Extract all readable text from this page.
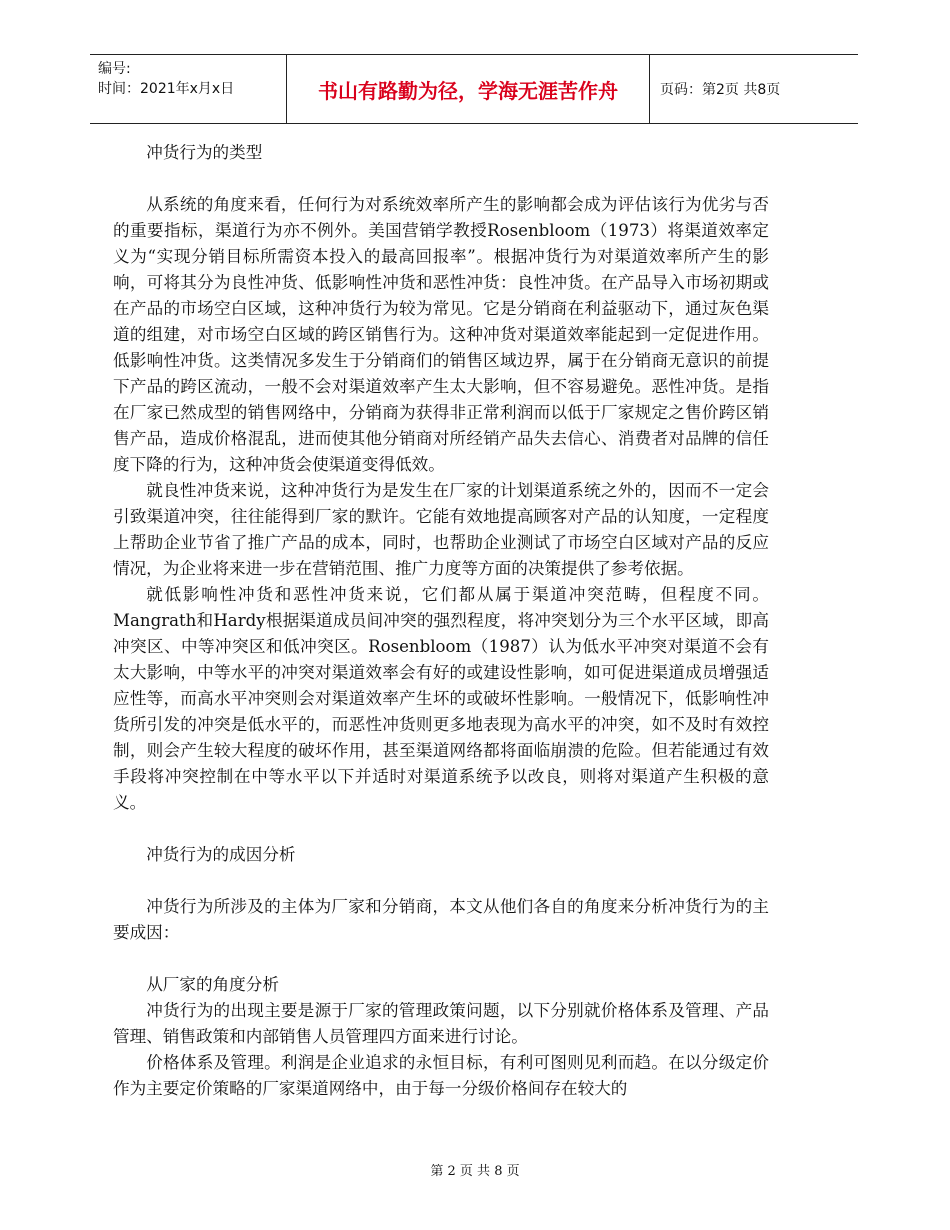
编号:
时间：2021年x月x日	书山有路勤为径，学海无涯苦作舟	页码：第2页 共8页

冲货行为的类型

从系统的角度来看，任何行为对系统效率所产生的影响都会成为评估该行为优劣与否的重要指标，渠道行为亦不例外。美国营销学教授Rosenbloom（1973）将渠道效率定义为“实现分销目标所需资本投入的最高回报率”。根据冲货行为对渠道效率所产生的影响，可将其分为良性冲货、低影响性冲货和恶性冲货：良性冲货。在产品导入市场初期或在产品的市场空白区域，这种冲货行为较为常见。它是分销商在利益驱动下，通过灰色渠道的组建，对市场空白区域的跨区销售行为。这种冲货对渠道效率能起到一定促进作用。低影响性冲货。这类情况多发生于分销商们的销售区域边界，属于在分销商无意识的前提下产品的跨区流动，一般不会对渠道效率产生太大影响，但不容易避免。恶性冲货。是指在厂家已然成型的销售网络中，分销商为获得非正常利润而以低于厂家规定之售价跨区销售产品，造成价格混乱，进而使其他分销商对所经销产品失去信心、消费者对品牌的信任度下降的行为，这种冲货会使渠道变得低效。

就良性冲货来说，这种冲货行为是发生在厂家的计划渠道系统之外的，因而不一定会引致渠道冲突，往往能得到厂家的默许。它能有效地提高顾客对产品的认知度，一定程度上帮助企业节省了推广产品的成本，同时，也帮助企业测试了市场空白区域对产品的反应情况，为企业将来进一步在营销范围、推广力度等方面的决策提供了参考依据。

就低影响性冲货和恶性冲货来说，它们都从属于渠道冲突范畴，但程度不同。Mangrath和Hardy根据渠道成员间冲突的强烈程度，将冲突划分为三个水平区域，即高冲突区、中等冲突区和低冲突区。Rosenbloom（1987）认为低水平冲突对渠道不会有太大影响，中等水平的冲突对渠道效率会有好的或建设性影响，如可促进渠道成员增强适应性等，而高水平冲突则会对渠道效率产生坏的或破坏性影响。一般情况下，低影响性冲货所引发的冲突是低水平的，而恶性冲货则更多地表现为高水平的冲突，如不及时有效控制，则会产生较大程度的破坏作用，甚至渠道网络都将面临崩溃的危险。但若能通过有效手段将冲突控制在中等水平以下并适时对渠道系统予以改良，则将对渠道产生积极的意义。

冲货行为的成因分析

冲货行为所涉及的主体为厂家和分销商，本文从他们各自的角度来分析冲货行为的主要成因：

从厂家的角度分析

冲货行为的出现主要是源于厂家的管理政策问题，以下分别就价格体系及管理、产品管理、销售政策和内部销售人员管理四方面来进行讨论。

价格体系及管理。利润是企业追求的永恒目标，有利可图则见利而趋。在以分级定价作为主要定价策略的厂家渠道网络中，由于每一分级价格间存在较大的

第 2 页 共 8 页
